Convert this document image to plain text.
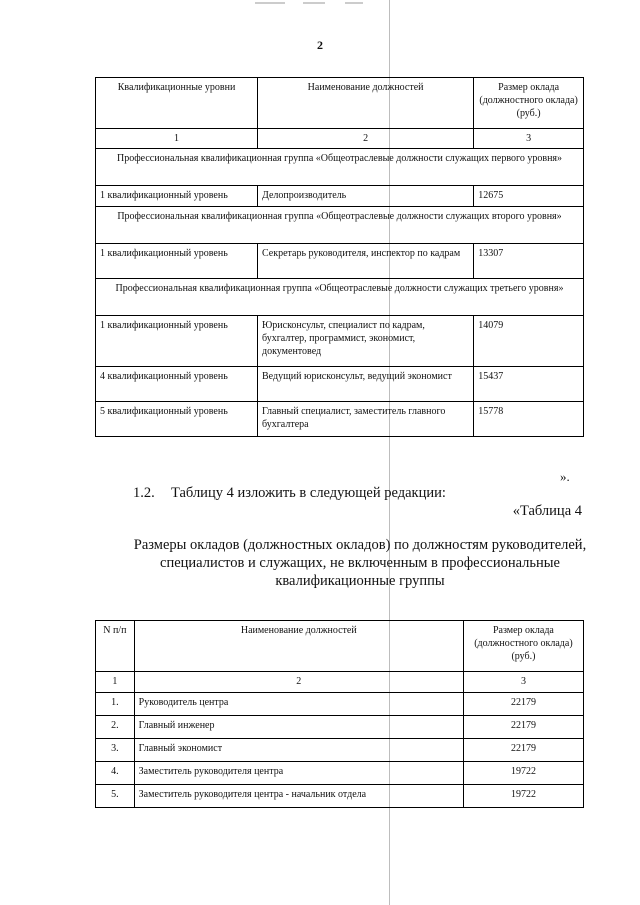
2
Квалификационные уровни	Наименование должностей	Размер оклада (должностного оклада) (руб.)
1	2	3
Профессиональная квалификационная группа «Общеотраслевые должности служащих первого уровня»		
1 квалификационный уровень	Делопроизводитель	12675
Профессиональная квалификационная группа «Общеотраслевые должности служащих второго уровня»		
1 квалификационный уровень	Секретарь руководителя, инспектор по кадрам	13307
Профессиональная квалификационная группа «Общеотраслевые должности служащих третьего уровня»		
1 квалификационный уровень	Юрисконсульт, специалист по кадрам, бухгалтер, программист, экономист, документовед	14079
4 квалификационный уровень	Ведущий юрисконсульт, ведущий экономист	15437
5 квалификационный уровень	Главный специалист, заместитель главного бухгалтера	15778
».
1.2. Таблицу 4 изложить в следующей редакции:
«Таблица 4
Размеры окладов (должностных окладов) по должностям руководителей, специалистов и служащих, не включенным в профессиональные квалификационные группы
N п/п	Наименование должностей	Размер оклада (должностного оклада) (руб.)
1	2	3
1.	Руководитель центра	22179
2.	Главный инженер	22179
3.	Главный экономист	22179
4.	Заместитель руководителя центра	19722
5.	Заместитель руководителя центра - начальник отдела	19722
